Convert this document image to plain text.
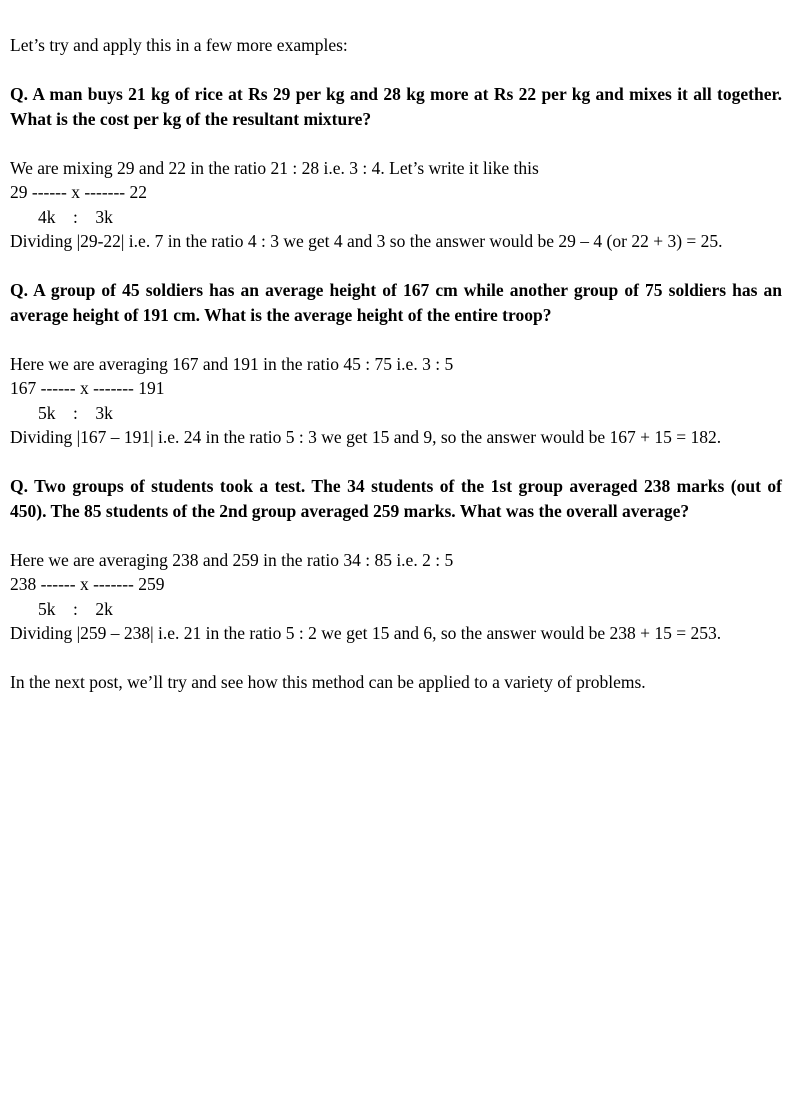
Let’s try and apply this in a few more examples:
Q. A man buys 21 kg of rice at Rs 29 per kg and 28 kg more at Rs 22 per kg and mixes it all together. What is the cost per kg of the resultant mixture?
We are mixing 29 and 22 in the ratio 21 : 28 i.e. 3 : 4. Let’s write it like this
29 ------ x ------- 22
4k    :    3k
Dividing |29-22| i.e. 7 in the ratio 4 : 3 we get 4 and 3 so the answer would be 29 – 4 (or 22 + 3) = 25.
Q. A group of 45 soldiers has an average height of 167 cm while another group of 75 soldiers has an average height of 191 cm. What is the average height of the entire troop?
Here we are averaging 167 and 191 in the ratio 45 : 75 i.e. 3 : 5
167 ------ x ------- 191
5k    :    3k
Dividing |167 – 191| i.e. 24 in the ratio 5 : 3 we get 15 and 9, so the answer would be 167 + 15 = 182.
Q. Two groups of students took a test. The 34 students of the 1st group averaged 238 marks (out of 450). The 85 students of the 2nd group averaged 259 marks. What was the overall average?
Here we are averaging 238 and 259 in the ratio 34 : 85 i.e. 2 : 5
238 ------ x ------- 259
5k    :    2k
Dividing |259 – 238| i.e. 21 in the ratio 5 : 2 we get 15 and 6, so the answer would be 238 + 15 = 253.
In the next post, we’ll try and see how this method can be applied to a variety of problems.
